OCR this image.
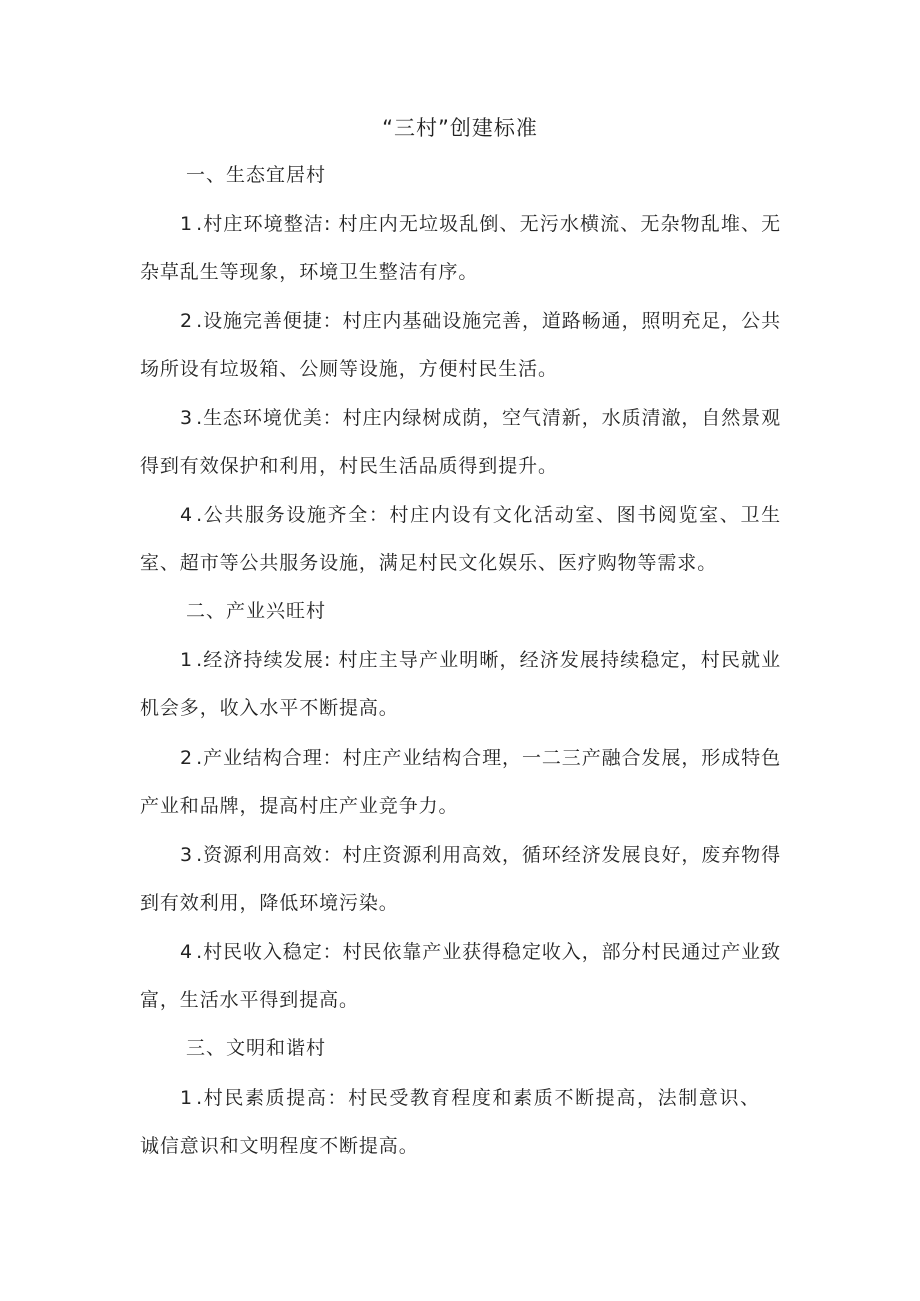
“三村”创建标准
一、生态宜居村
1.村庄环境整洁: 村庄内无垃圾乱倒、无污水横流、无杂物乱堆、无杂草乱生等现象，环境卫生整洁有序。
2.设施完善便捷：村庄内基础设施完善，道路畅通，照明充足，公共场所设有垃圾箱、公厕等设施，方便村民生活。
3.生态环境优美：村庄内绿树成荫，空气清新，水质清澈，自然景观得到有效保护和利用，村民生活品质得到提升。
4.公共服务设施齐全：村庄内设有文化活动室、图书阅览室、卫生室、超市等公共服务设施，满足村民文化娱乐、医疗购物等需求。
二、产业兴旺村
1.经济持续发展: 村庄主导产业明晰，经济发展持续稳定，村民就业机会多，收入水平不断提高。
2.产业结构合理：村庄产业结构合理，一二三产融合发展，形成特色产业和品牌，提高村庄产业竞争力。
3.资源利用高效：村庄资源利用高效，循环经济发展良好，废弃物得到有效利用，降低环境污染。
4.村民收入稳定：村民依靠产业获得稳定收入，部分村民通过产业致富，生活水平得到提高。
三、文明和谐村
1.村民素质提高：村民受教育程度和素质不断提高，法制意识、诚信意识和文明程度不断提高。
